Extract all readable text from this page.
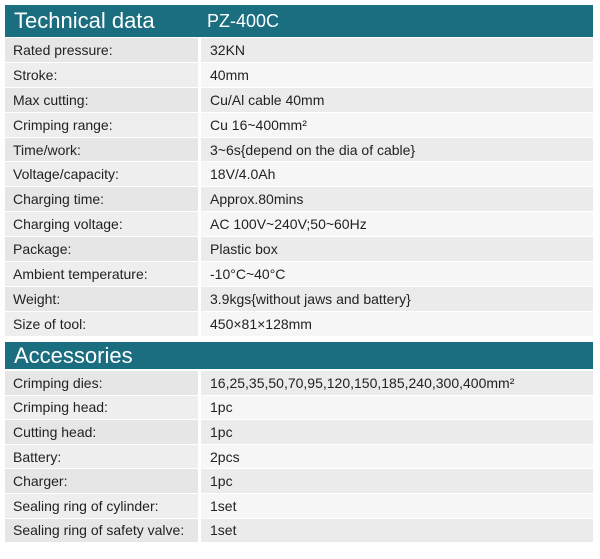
Technical data	PZ-400C
Rated pressure:	32KN
Stroke:	40mm
Max cutting:	Cu/Al cable 40mm
Crimping range:	Cu 16~400mm²
Time/work:	3~6s{depend on the dia of cable}
Voltage/capacity:	18V/4.0Ah
Charging time:	Approx.80mins
Charging voltage:	AC 100V~240V;50~60Hz
Package:	Plastic box
Ambient temperature:	-10°C~40°C
Weight:	3.9kgs{without jaws and battery}
Size of tool:	450×81×128mm
Accessories
Crimping dies:	16,25,35,50,70,95,120,150,185,240,300,400mm²
Crimping head:	1pc
Cutting head:	1pc
Battery:	2pcs
Charger:	1pc
Sealing ring of cylinder:	1set
Sealing ring of safety valve:	1set
